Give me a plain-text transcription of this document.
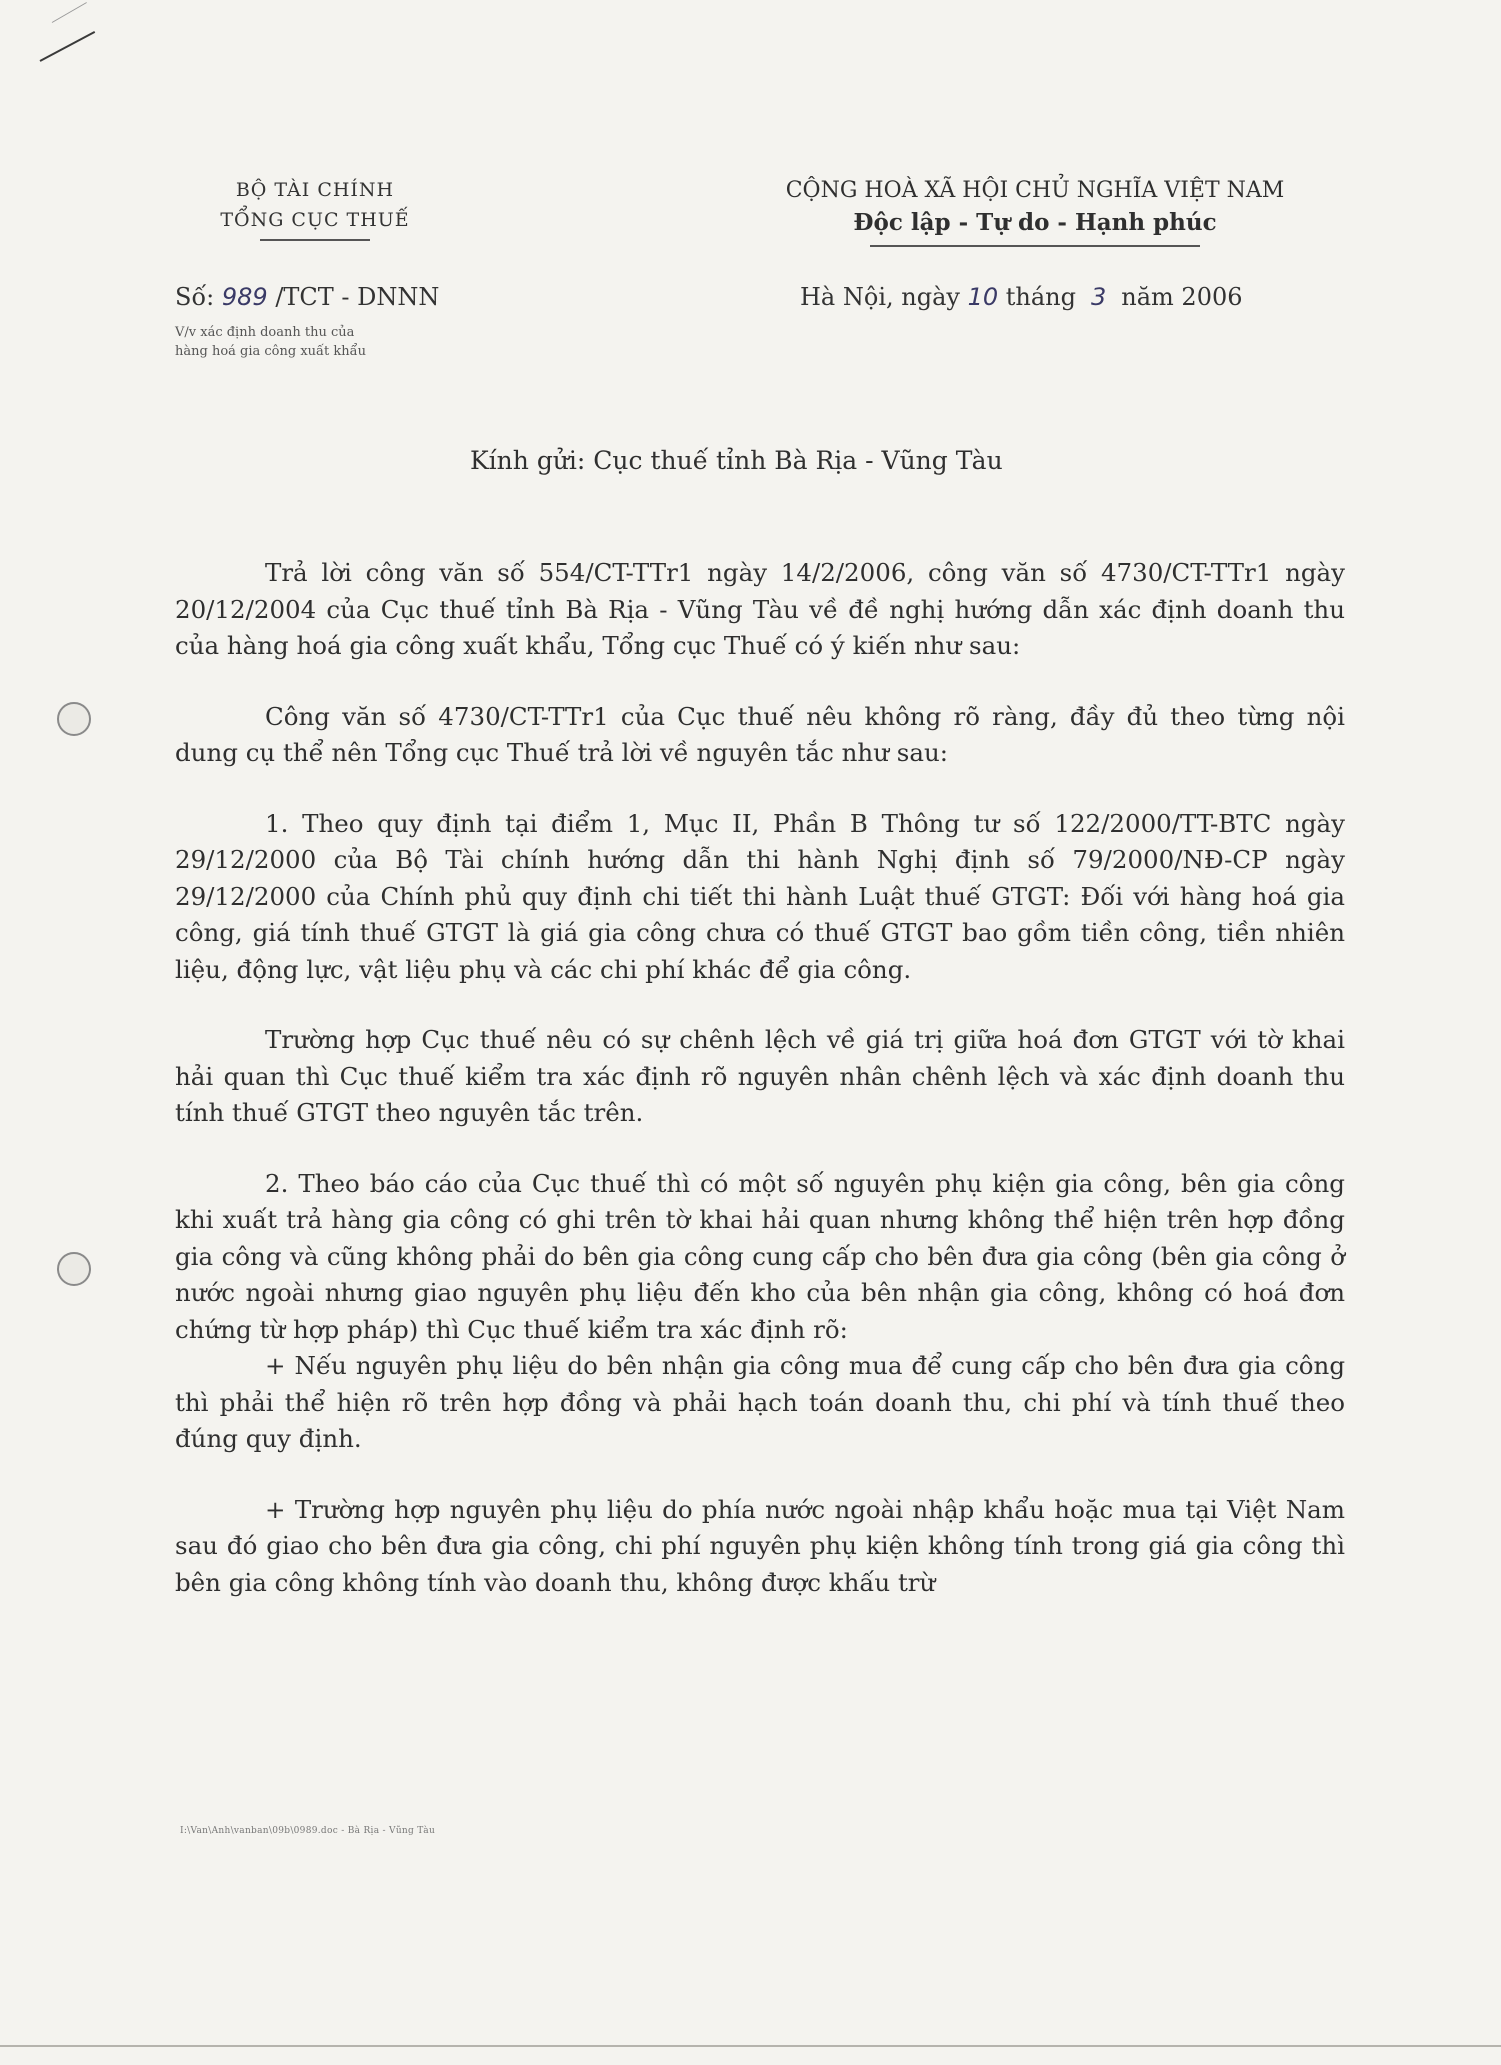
BỘ TÀI CHÍNH
TỔNG CỤC THUẾ
CỘNG HOÀ XÃ HỘI CHỦ NGHĨA VIỆT NAM
Độc lập - Tự do - Hạnh phúc
Số: 989 /TCT - DNNN
V/v xác định doanh thu của
hàng hoá gia công xuất khẩu
Hà Nội, ngày 10 tháng 3 năm 2006
Kính gửi: Cục thuế tỉnh Bà Rịa - Vũng Tàu

Trả lời công văn số 554/CT-TTr1 ngày 14/2/2006, công văn số 4730/CT-TTr1 ngày 20/12/2004 của Cục thuế tỉnh Bà Rịa - Vũng Tàu về đề nghị hướng dẫn xác định doanh thu của hàng hoá gia công xuất khẩu, Tổng cục Thuế có ý kiến như sau:

Công văn số 4730/CT-TTr1 của Cục thuế nêu không rõ ràng, đầy đủ theo từng nội dung cụ thể nên Tổng cục Thuế trả lời về nguyên tắc như sau:

1. Theo quy định tại điểm 1, Mục II, Phần B Thông tư số 122/2000/TT-BTC ngày 29/12/2000 của Bộ Tài chính hướng dẫn thi hành Nghị định số 79/2000/NĐ-CP ngày 29/12/2000 của Chính phủ quy định chi tiết thi hành Luật thuế GTGT: Đối với hàng hoá gia công, giá tính thuế GTGT là giá gia công chưa có thuế GTGT bao gồm tiền công, tiền nhiên liệu, động lực, vật liệu phụ và các chi phí khác để gia công.

Trường hợp Cục thuế nêu có sự chênh lệch về giá trị giữa hoá đơn GTGT với tờ khai hải quan thì Cục thuế kiểm tra xác định rõ nguyên nhân chênh lệch và xác định doanh thu tính thuế GTGT theo nguyên tắc trên.

2. Theo báo cáo của Cục thuế thì có một số nguyên phụ kiện gia công, bên gia công khi xuất trả hàng gia công có ghi trên tờ khai hải quan nhưng không thể hiện trên hợp đồng gia công và cũng không phải do bên gia công cung cấp cho bên đưa gia công (bên gia công ở nước ngoài nhưng giao nguyên phụ liệu đến kho của bên nhận gia công, không có hoá đơn chứng từ hợp pháp) thì Cục thuế kiểm tra xác định rõ:

+ Nếu nguyên phụ liệu do bên nhận gia công mua để cung cấp cho bên đưa gia công thì phải thể hiện rõ trên hợp đồng và phải hạch toán doanh thu, chi phí và tính thuế theo đúng quy định.

+ Trường hợp nguyên phụ liệu do phía nước ngoài nhập khẩu hoặc mua tại Việt Nam sau đó giao cho bên đưa gia công, chi phí nguyên phụ kiện không tính trong giá gia công thì bên gia công không tính vào doanh thu, không được khấu trừ

I:\Van\Anh\vanban\09b\0989.doc - Bà Rịa - Vũng Tàu
